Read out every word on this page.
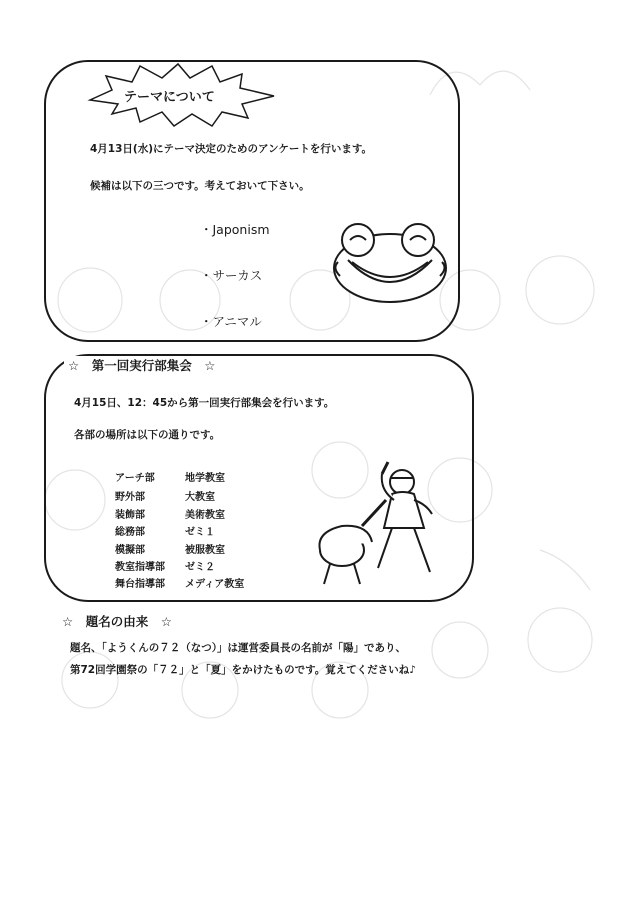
テーマについて
4月13日(水)にテーマ決定のためのアンケートを行います。
候補は以下の三つです。考えておいて下さい。
・Japonism
・サーカス
・アニマル
☆　第一回実行部集会　☆
4月15日、12：45から第一回実行部集会を行います。
各部の場所は以下の通りです。
アーチ部	地学教室
野外部	大教室
装飾部	美術教室
総務部	ゼミ１
模擬部	被服教室
教室指導部 ゼミ２
舞台指導部 メディア教室
☆　題名の由来　☆
題名、「ようくんの７２（なつ）」は運営委員長の名前が「陽」であり、
第72回学園祭の「７２」と「夏」をかけたものです。覚えてくださいね♪
